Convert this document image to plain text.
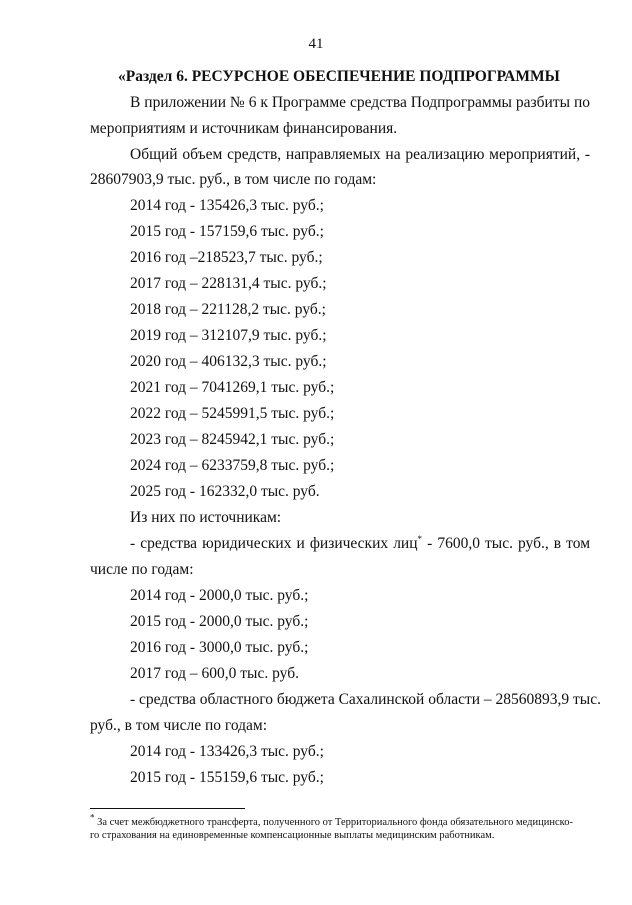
41
«Раздел 6. РЕСУРСНОЕ ОБЕСПЕЧЕНИЕ ПОДПРОГРАММЫ
В приложении № 6 к Программе средства Подпрограммы разбиты по
мероприятиям и источникам финансирования.
Общий объем средств, направляемых на реализацию мероприятий, -
28607903,9 тыс. руб., в том числе по годам:
2014 год - 135426,3 тыс. руб.;
2015 год - 157159,6 тыс. руб.;
2016 год –218523,7 тыс. руб.;
2017 год – 228131,4 тыс. руб.;
2018 год – 221128,2 тыс. руб.;
2019 год – 312107,9 тыс. руб.;
2020 год – 406132,3 тыс. руб.;
2021 год – 7041269,1 тыс. руб.;
2022 год – 5245991,5 тыс. руб.;
2023 год – 8245942,1 тыс. руб.;
2024 год – 6233759,8 тыс. руб.;
2025 год - 162332,0 тыс. руб.
Из них по источникам:
- средства юридических и физических лиц* - 7600,0 тыс. руб., в том
числе по годам:
2014 год - 2000,0 тыс. руб.;
2015 год - 2000,0 тыс. руб.;
2016 год - 3000,0 тыс. руб.;
2017 год – 600,0 тыс. руб.
- средства областного бюджета Сахалинской области – 28560893,9 тыс.
руб., в том числе по годам:
2014 год - 133426,3 тыс. руб.;
2015 год - 155159,6 тыс. руб.;
* За счет межбюджетного трансферта, полученного от Территориального фонда обязательного медицинско-
го страхования на единовременные компенсационные выплаты медицинским работникам.
